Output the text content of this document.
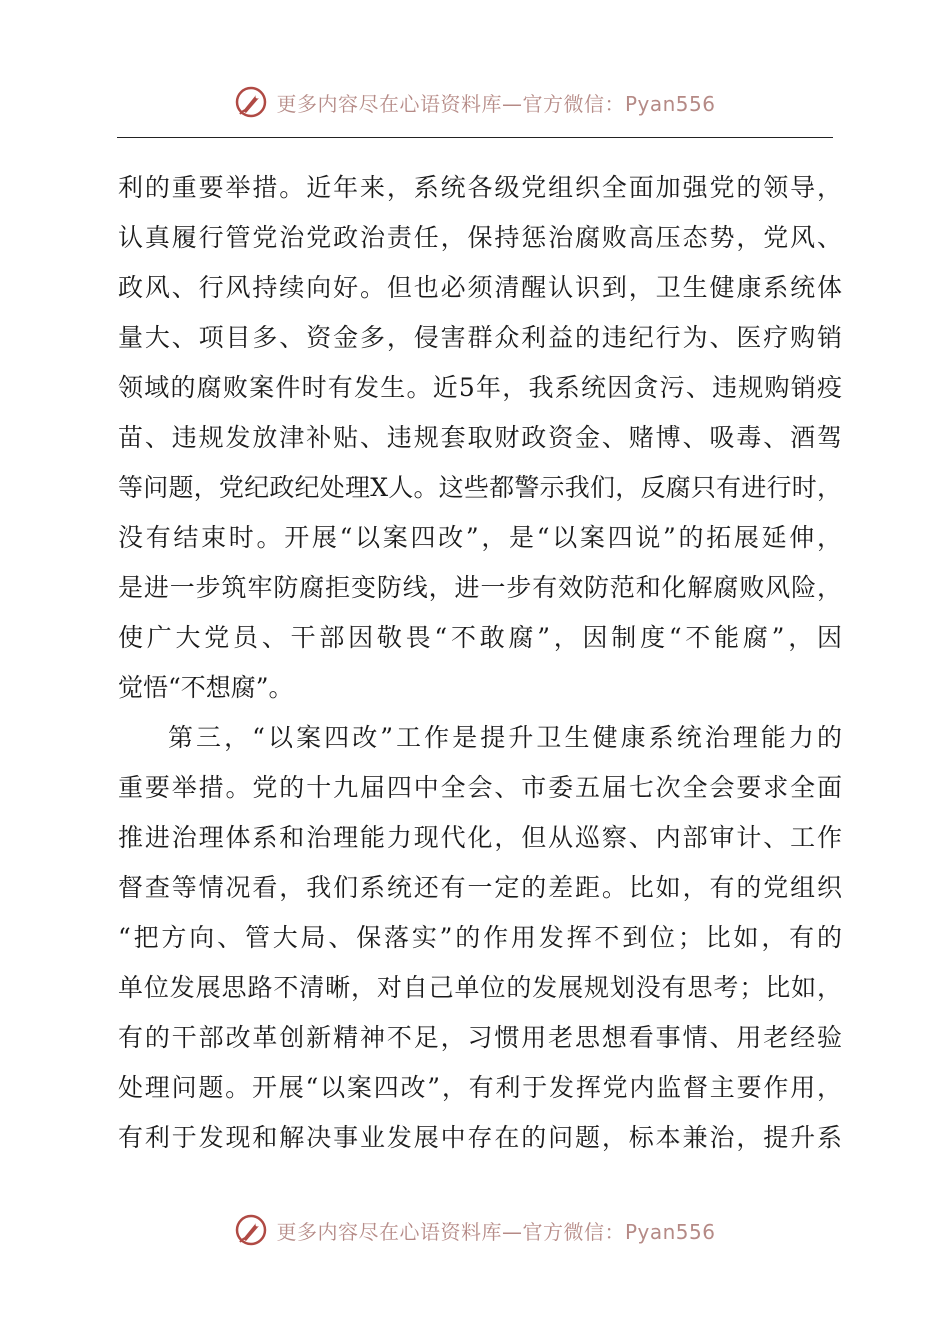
更多内容尽在心语资料库—官方微信：Pyan556
利的重要举措。近年来，系统各级党组织全面加强党的领导，
认真履行管党治党政治责任，保持惩治腐败高压态势，党风、
政风、行风持续向好。但也必须清醒认识到，卫生健康系统体
量大、项目多、资金多，侵害群众利益的违纪行为、医疗购销
领域的腐败案件时有发生。近5年，我系统因贪污、违规购销疫
苗、违规发放津补贴、违规套取财政资金、赌博、吸毒、酒驾
等问题，党纪政纪处理X人。这些都警示我们，反腐只有进行时，
没有结束时。开展“以案四改”，是“以案四说”的拓展延伸，
是进一步筑牢防腐拒变防线，进一步有效防范和化解腐败风险，
使广大党员、干部因敬畏“不敢腐”，因制度“不能腐”，因
觉悟“不想腐”。
第三，“以案四改”工作是提升卫生健康系统治理能力的
重要举措。党的十九届四中全会、市委五届七次全会要求全面
推进治理体系和治理能力现代化，但从巡察、内部审计、工作
督查等情况看，我们系统还有一定的差距。比如，有的党组织
“把方向、管大局、保落实”的作用发挥不到位；比如，有的
单位发展思路不清晰，对自己单位的发展规划没有思考；比如，
有的干部改革创新精神不足，习惯用老思想看事情、用老经验
处理问题。开展“以案四改”，有利于发挥党内监督主要作用，
有利于发现和解决事业发展中存在的问题，标本兼治，提升系
更多内容尽在心语资料库—官方微信：Pyan556
